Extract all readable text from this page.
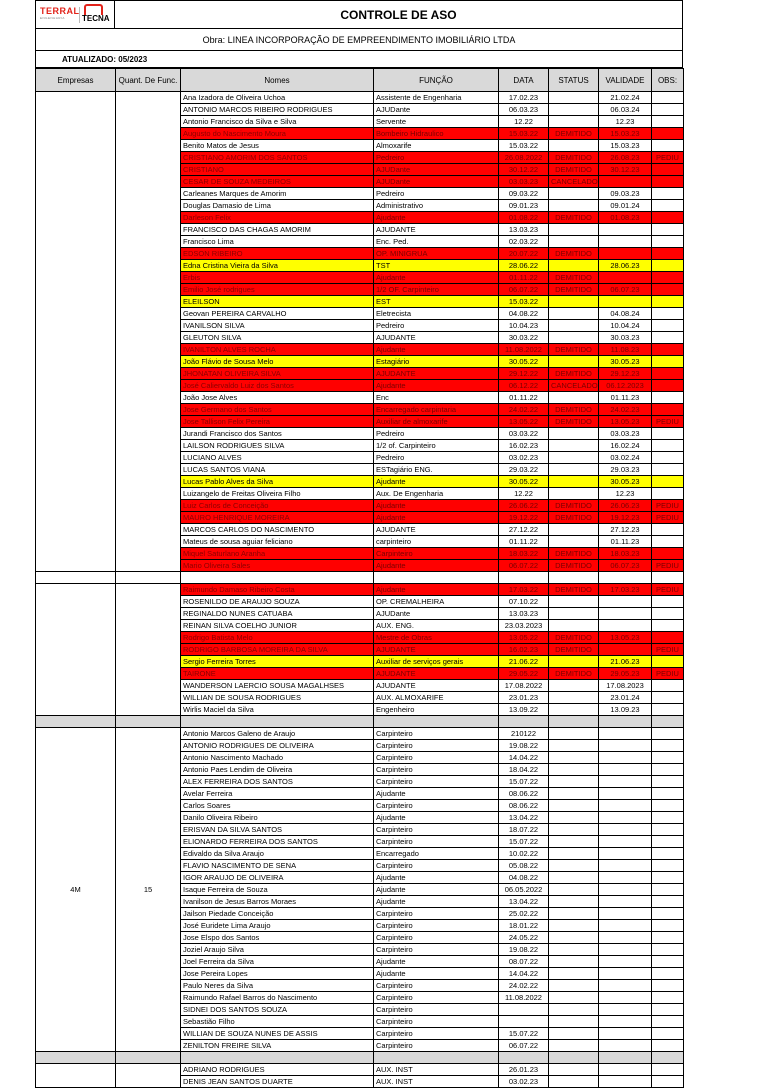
TERRAL
ENGENHARIA	TECNA	CONTROLE DE ASO
Obra: LINEA INCORPORAÇÃO DE EMPREENDIMENTO IMOBILIÁRIO LTDA
ATUALIZADO: 05/2023
Empresas	Quant. De Func.	Nomes	FUNÇÃO	DATA	STATUS	VALIDADE	OBS:
		Ana Izadora de Oliveira Uchoa	Assistente de Engenharia	17.02.23		21.02.24	
		ANTONIO MARCOS RIBEIRO RODRIGUES	AJUDante	06.03.23		06.03.24	
		Antonio Francisco da Silva e Silva	Servente	12.22		12.23	
		Augusto do Nascimento Moura	Bombeiro Hidraulico	15.03.22	DEMITIDO	15.03.23	
		Benito Matos de Jesus	Almoxarife	15.03.22		15.03.23	
		CRISTIANO AMORIM DOS SANTOS	Pedreiro	26.08.2022	DEMITIDO	26.08.23	PEDIU
		CRISTIANO	AJUDante	30.12.22	DEMITIDO	30.12.23	
		CESAR DE SOUZA MEDEIROS	AJUDante	03.03.23	CANCELADO		
		Carleanes Marques de Amorim	Pedreiro	09.03.22		09.03.23	
		Douglas Damasio de Lima	Administrativo	09.01.23		09.01.24	
		Darleson Felix	Ajudante	01.08.22	DEMITIDO	01.08.23	
		FRANCISCO DAS CHAGAS AMORIM	AJUDANTE	13.03.23			
		Francisco Lima	Enc. Ped.	02.03.22			
		EDSON RIBEIRO	OP. MINIGRUA	20.07.22	DEMITIDO		
		Edna Cristina Vieira da Silva	TST	28.06.22		28.06.23	
		Erbis	Ajudante	01.11.22	DEMITIDO		
		Emilio José rodrigues	1/2 OF. Carpinteiro	06.07.22	DEMITIDO	06.07.23	
		ELEILSON	EST	15.03.22			
		Geovan PEREIRA CARVALHO	Eletrecista	04.08.22		04.08.24	
		IVANILSON SILVA	Pedreiro	10.04.23		10.04.24	
		GLEUTON SILVA	AJUDANTE	30.03.22		30.03.23	
		IVANILTON ALVES ROCHA	Ajudante	11.08.2022	DEMITIDO	11.08.23	
		João Flávio de Sousa Melo	Estagiário	30.05.22		30.05.23	
		JHONATAN OLIVEIRA SILVA	AJUDANTE	29.12.22	DEMITIDO	29.12.23	
		José Caliervaldo Luiz dos Santos	Ajudante	06.12.22	CANCELADO	06.12.2023	
		João Jose Alves	Enc	01.11.22		01.11.23	
		Jose Germano dos Santos	Encarregado carpintaria	24.02.22	DEMITIDO	24.02.23	
		Jose Tallison Felix Pereira	Auxiliar de almoxarife	13.05.22	DEMITIDO	13.05.23	PEDIU
		Jurandi Francisco dos Santos	Pedreiro	03.03.22		03.03.23	
		LAILSON RODRIGUES SILVA	1/2 of. Carpinteiro	16.02.23		16.02.24	
		LUCIANO ALVES	Pedreiro	03.02.23		03.02.24	
		LUCAS SANTOS VIANA	ESTagiário ENG.	29.03.22		29.03.23	
		Lucas Pablo Alves da Silva	Ajudante	30.05.22		30.05.23	
		Luizangelo de Freitas Oliveira Filho	Aux. De Engenharia	12.22		12.23	
		Luiz Carlos de Conceição	Ajudante	26.06.22	DEMITIDO	26.06.23	PEDIU
		MAURO HENRIQUE MOREIRA	Ajudante	19.12.22	DEMITIDO	19.12.23	PEDIU
		MARCOS CARLOS DO NASCIMENTO	AJUDANTE	27.12.22		27.12.23	
		Mateus de sousa aguiar feliciano	carpinteiro	01.11.22		01.11.23	
		Miquel Saturlano Aranha	Carpinteiro	18.03.22	DEMITIDO	18.03.23	
		Mario Oliveira Sales	Ajudante	06.07.22	DEMITIDO	06.07.23	PEDIU

		Raimundo Damaso Ribeiro Costa	Ajudante	17.03.22	DEMITIDO	17.03.23	PEDIU
		ROSENILDO DE ARAUJO SOUZA	OP. CREMALHEIRA	07.10.22			
		REGINALDO NUNES CATUABA	AJUDante	13.03.23			
		REINAN SILVA COELHO JUNIOR	AUX. ENG.	23.03.2023			
		Rodrigo Batista Melo	Mestre de Obras	13.05.22	DEMITIDO	13.05.23	
		RODRIGO BARBOSA MOREIRA DA SILVA	AJUDANTE	16.02.23	DEMITIDO		PEDIU
		Sergio Ferreira Torres	Auxiliar de serviços gerais	21.06.22		21.06.23	
		TAIRONE	AJUDANTE	29.05.22	DEMITIDO	29.05.23	PEDIU
		WANDERSON LAERCIO SOUSA MAGALHSES	AJUDANTE	17.08.2022		17.08.2023	
		WILLIAN DE SOUSA RODRIGUES	AUX. ALMOXARIFE	23.01.23		23.01.24	
		Wirlis Maciel da Silva	Engenheiro	13.09.22		13.09.23	

4M	15	Antonio Marcos Galeno de Araujo	Carpinteiro	210122			
		ANTONIO RODRIGUES DE OLIVEIRA	Carpinteiro	19.08.22			
		Antonio Nascimento Machado	Carpinteiro	14.04.22			
		Antonio Paes Lendim de Oliveira	Carpinteiro	18.04.22			
		ALEX FERREIRA DOS SANTOS	Carpinteiro	15.07.22			
		Avelar Ferreira	Ajudante	08.06.22			
		Carlos Soares	Carpinteiro	08.06.22			
		Danilo Oliveira Ribeiro	Ajudante	13.04.22			
		ERISVAN DA SILVA SANTOS	Carpinteiro	18.07.22			
		ELIONARDO FERREIRA DOS SANTOS	Carpinteiro	15.07.22			
		Edivaldo da Silva Araujo	Encarregado	10.02.22			
		FLAVIO NASCIMENTO DE SENA	Carpinteiro	05.08.22			
		IGOR ARAUJO DE OLIVEIRA	Ajudante	04.08.22			
		Isaque Ferreira de Souza	Ajudante	06.05.2022			
		Ivanilson de Jesus Barros Moraes	Ajudante	13.04.22			
		Jailson Piedade Conceição	Carpinteiro	25.02.22			
		José Euridete Lima Araujo	Carpinteiro	18.01.22			
		Jose Elspo dos Santos	Carpinteiro	24.05.22			
		Joziel Araujo Silva	Carpinteiro	19.08.22			
		Joel Ferreira da Silva	Ajudante	08.07.22			
		Jose Pereira Lopes	Ajudante	14.04.22			
		Paulo Neres da Silva	Carpinteiro	24.02.22			
		Raimundo Rafael Barros do Nascimento	Carpinteiro	11.08.2022			
		SIDNEI DOS SANTOS SOUZA	Carpinteiro				
		Sebastião Filho	Carpinteiro				
		WILLIAN DE SOUZA NUNES DE ASSIS	Carpinteiro	15.07.22			
		ZENILTON FREIRE SILVA	Carpinteiro	06.07.22			

		ADRIANO RODRIGUES	AUX. INST	26.01.23			
		DENIS JEAN SANTOS DUARTE	AUX. INST	03.02.23			
